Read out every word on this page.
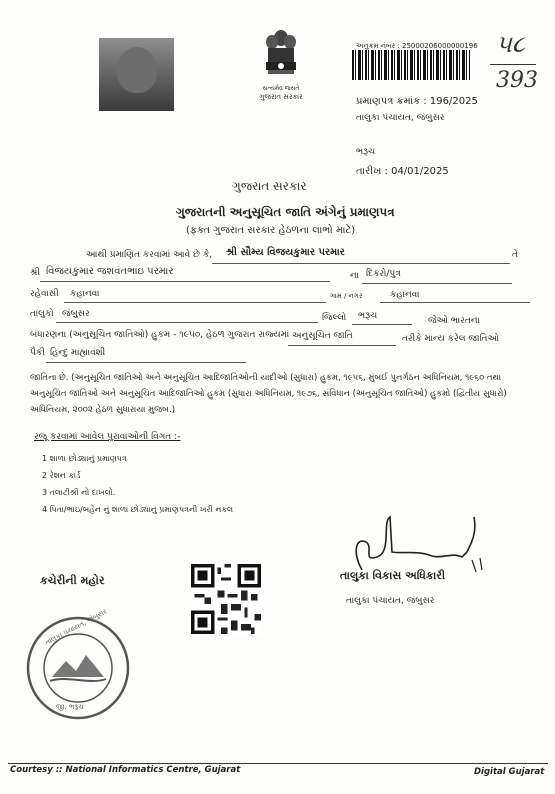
સત્યમેવ જયતે
ગુજરાત સરકાર
અનુક્રમ નંબર : 25000206000000196 ૫૮
393
પ્રમાણપત્ર ક્રમાંક : 196/2025
તાલુકા પંચાયત, જંબુસર
ભરૂચ
તારીખ : 04/01/2025
ગુજરાત સરકાર
ગુજરાતની અનુસૂચિત જાતિ અંગેનું પ્રમાણપત્ર
(ફક્ત ગુજરાત સરકાર હેઠળના લાભો માટે)
આથી પ્રમાણિત કરવામાં આવે છે કે, શ્રી સૌમ્ય વિજયકુમાર પરમાર	તે
શ્રી વિજયકુમાર જશવંતભાઇ પરમાર	ના દિકરો/પુત્ર
રહેવાસી કહાનવા	ગામ / નગર	કહાનવા
તાલુકો જંબુસર	જિલ્લો ભરૂચ	જેઓ ભારતના
બંધારણના (અનુસૂચિત જાતિઓ) હુકમ - ૧૯૫૦, હેઠળ ગુજરાત રાજ્યમાં અનુસૂચિત જાતિ	તરીકે માન્ય કરેલ જાતિઓ
પૈકી હિન્દુ માહ્યાવંશી
જાતિના છે. (અનુસૂચિત જાતિઓ અને અનુસૂચિત આદિજાતિઓની યાદીઓ (સુધારા) હુકમ, ૧૯૫૬, મુંબઈ પુનર્ગઠન અધિનિયમ, ૧૯૬૦ તથા
અનુસૂચિત જાતિઓ અને અનુસૂચિત આદિજાતિઓ હુકમ (સુધારા અધિનિયમ, ૧૯૭૬, સંવિધાન (અનુસૂચિત જાતિઓ) હુકમો (દ્વિતીય સુધારો)
અધિનિયમ, ૨૦૦૨ હેઠળ સુધારાયા મુજબ.)
રજૂ કરવામાં આવેલ પુરાવાઓની વિગત :-
1 શાળા છોડ્યાનું પ્રમાણપત્ર
2 રેશન કાર્ડ
3 તલાટીશ્રી નો દાખલો.
4 પિતા/ભાઇ/બહેન નું શાળા છોડ્યાનું પ્રમાણપત્રની ખરી નકલ
કચેરીની મહોર	તાલુકા વિકાસ અધિકારી
તાલુકા પંચાયત, જંબુસર
તાલુકા પંચાયત, જંબુસર
જી. ભરૂચ
Courtesy :: National Informatics Centre, Gujarat	Digital Gujarat
